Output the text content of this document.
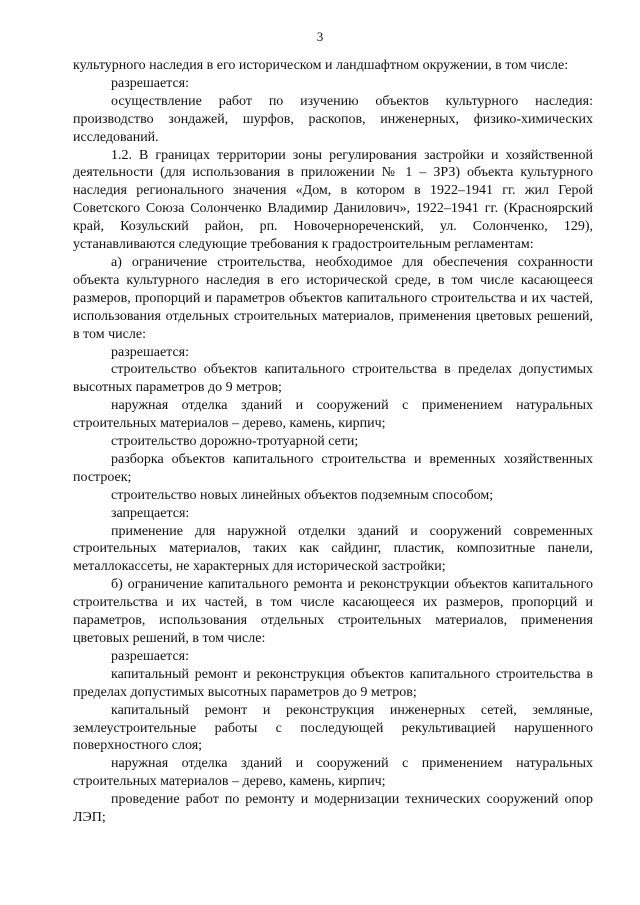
3

культурного наследия в его историческом и ландшафтном окружении, в том числе:

разрешается:

осуществление работ по изучению объектов культурного наследия: производство зондажей, шурфов, раскопов, инженерных, физико-химических исследований.

1.2. В границах территории зоны регулирования застройки и хозяйственной деятельности (для использования в приложении № 1 – ЗРЗ) объекта культурного наследия регионального значения «Дом, в котором в 1922–1941 гг. жил Герой Советского Союза Солонченко Владимир Данилович», 1922–1941 гг. (Красноярский край, Козульский район, рп. Новочернореченский, ул. Солонченко, 129), устанавливаются следующие требования к градостроительным регламентам:

а) ограничение строительства, необходимое для обеспечения сохранности объекта культурного наследия в его исторической среде, в том числе касающееся размеров, пропорций и параметров объектов капитального строительства и их частей, использования отдельных строительных материалов, применения цветовых решений, в том числе:

разрешается:

строительство объектов капитального строительства в пределах допустимых высотных параметров до 9 метров;

наружная отделка зданий и сооружений с применением натуральных строительных материалов – дерево, камень, кирпич;

строительство дорожно-тротуарной сети;

разборка объектов капитального строительства и временных хозяйственных построек;

строительство новых линейных объектов подземным способом;

запрещается:

применение для наружной отделки зданий и сооружений современных строительных материалов, таких как сайдинг, пластик, композитные панели, металлокассеты, не характерных для исторической застройки;

б) ограничение капитального ремонта и реконструкции объектов капитального строительства и их частей, в том числе касающееся их размеров, пропорций и параметров, использования отдельных строительных материалов, применения цветовых решений, в том числе:

разрешается:

капитальный ремонт и реконструкция объектов капитального строительства в пределах допустимых высотных параметров до 9 метров;

капитальный ремонт и реконструкция инженерных сетей, земляные, землеустроительные работы с последующей рекультивацией нарушенного поверхностного слоя;

наружная отделка зданий и сооружений с применением натуральных строительных материалов – дерево, камень, кирпич;

проведение работ по ремонту и модернизации технических сооружений опор ЛЭП;
